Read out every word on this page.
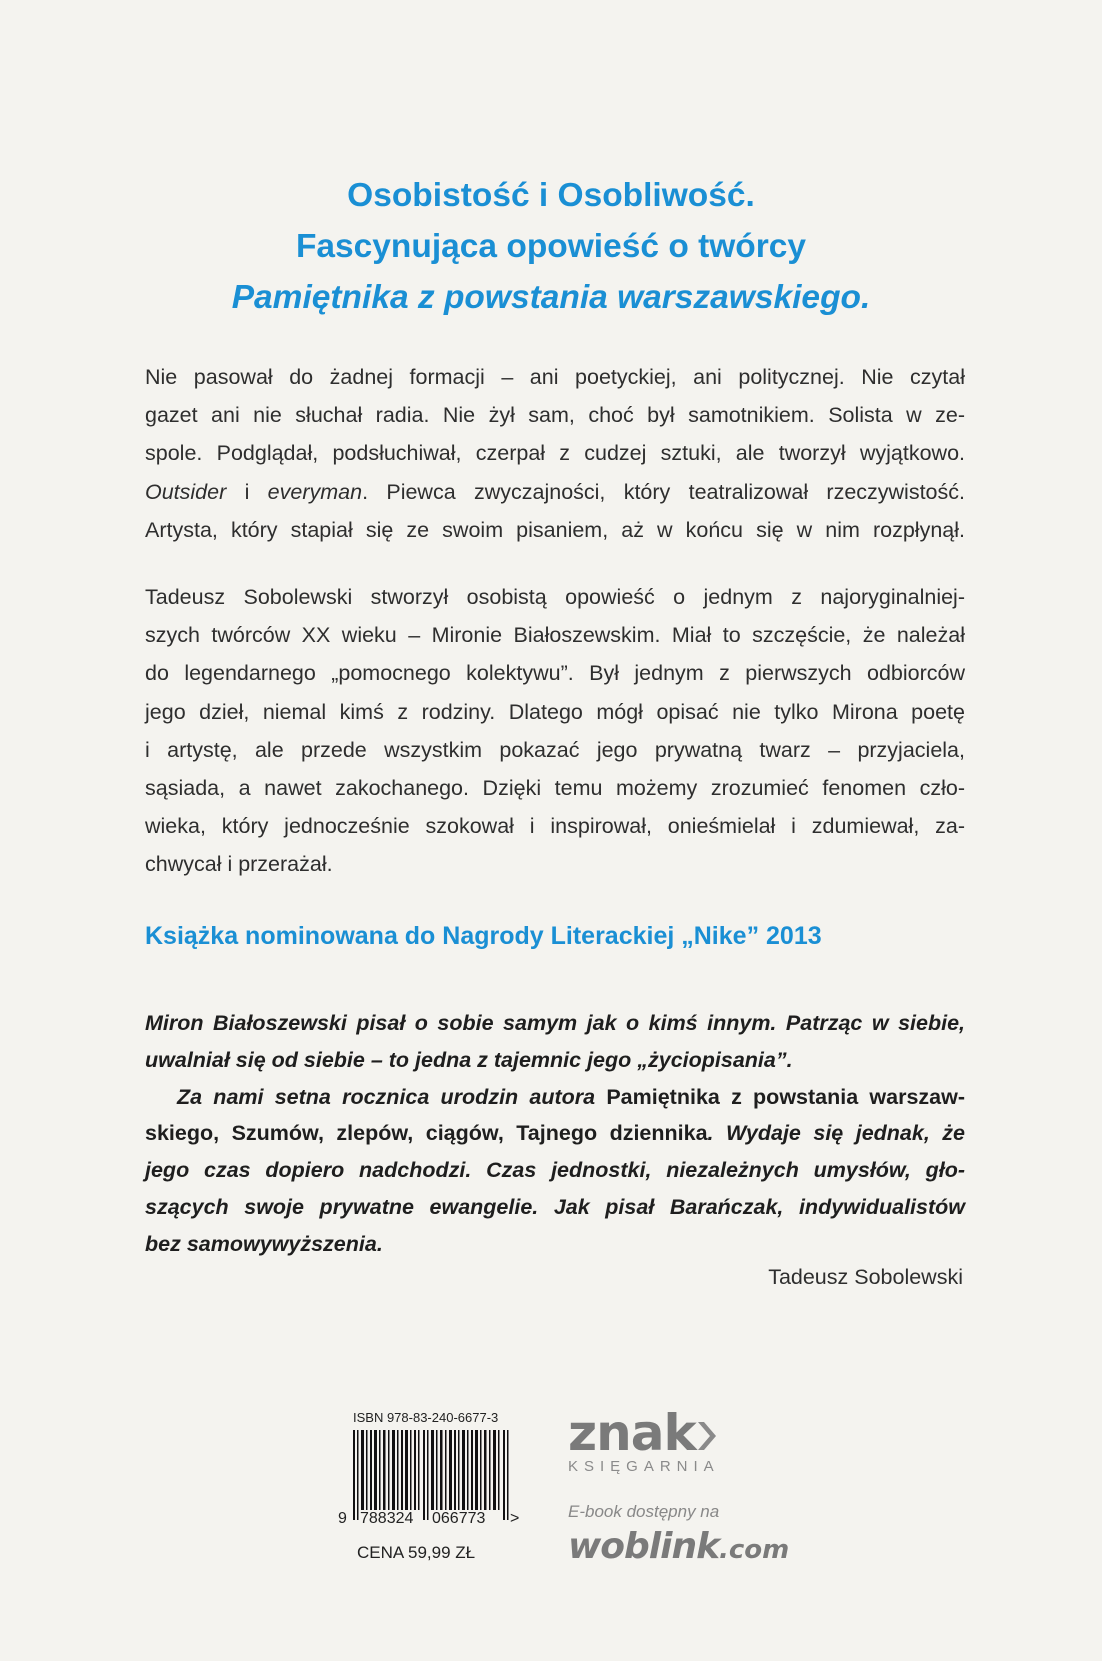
Osobistość i Osobliwość.
Fascynująca opowieść o twórcy
Pamiętnika z powstania warszawskiego.
Nie pasował do żadnej formacji – ani poetyckiej, ani politycznej. Nie czytał
gazet ani nie słuchał radia. Nie żył sam, choć był samotnikiem. Solista w ze-
spole. Podglądał, podsłuchiwał, czerpał z cudzej sztuki, ale tworzył wyjątkowo.
Outsider i everyman. Piewca zwyczajności, który teatralizował rzeczywistość.
Artysta, który stapiał się ze swoim pisaniem, aż w końcu się w nim rozpłynął.
Tadeusz Sobolewski stworzył osobistą opowieść o jednym z najoryginalniej-
szych twórców XX wieku – Mironie Białoszewskim. Miał to szczęście, że należał
do legendarnego „pomocnego kolektywu”. Był jednym z pierwszych odbiorców
jego dzieł, niemal kimś z rodziny. Dlatego mógł opisać nie tylko Mirona poetę
i artystę, ale przede wszystkim pokazać jego prywatną twarz – przyjaciela,
sąsiada, a nawet zakochanego. Dzięki temu możemy zrozumieć fenomen czło-
wieka, który jednocześnie szokował i inspirował, onieśmielał i zdumiewał, za-
chwycał i przerażał.
Książka nominowana do Nagrody Literackiej „Nike” 2013
Miron Białoszewski pisał o sobie samym jak o kimś innym. Patrząc w siebie,
uwalniał się od siebie – to jedna z tajemnic jego „życiopisania”.
Za nami setna rocznica urodzin autora Pamiętnika z powstania warszaw-
skiego, Szumów, zlepów, ciągów, Tajnego dziennika. Wydaje się jednak, że
jego czas dopiero nadchodzi. Czas jednostki, niezależnych umysłów, gło-
szących swoje prywatne ewangelie. Jak pisał Barańczak, indywidualistów
bez samowywyższenia.
Tadeusz Sobolewski
ISBN 978-83-240-6677-3
9 788324 066773 >
CENA 59,99 ZŁ
znak
KSIĘGARNIA
E-book dostępny na
woblink.com
